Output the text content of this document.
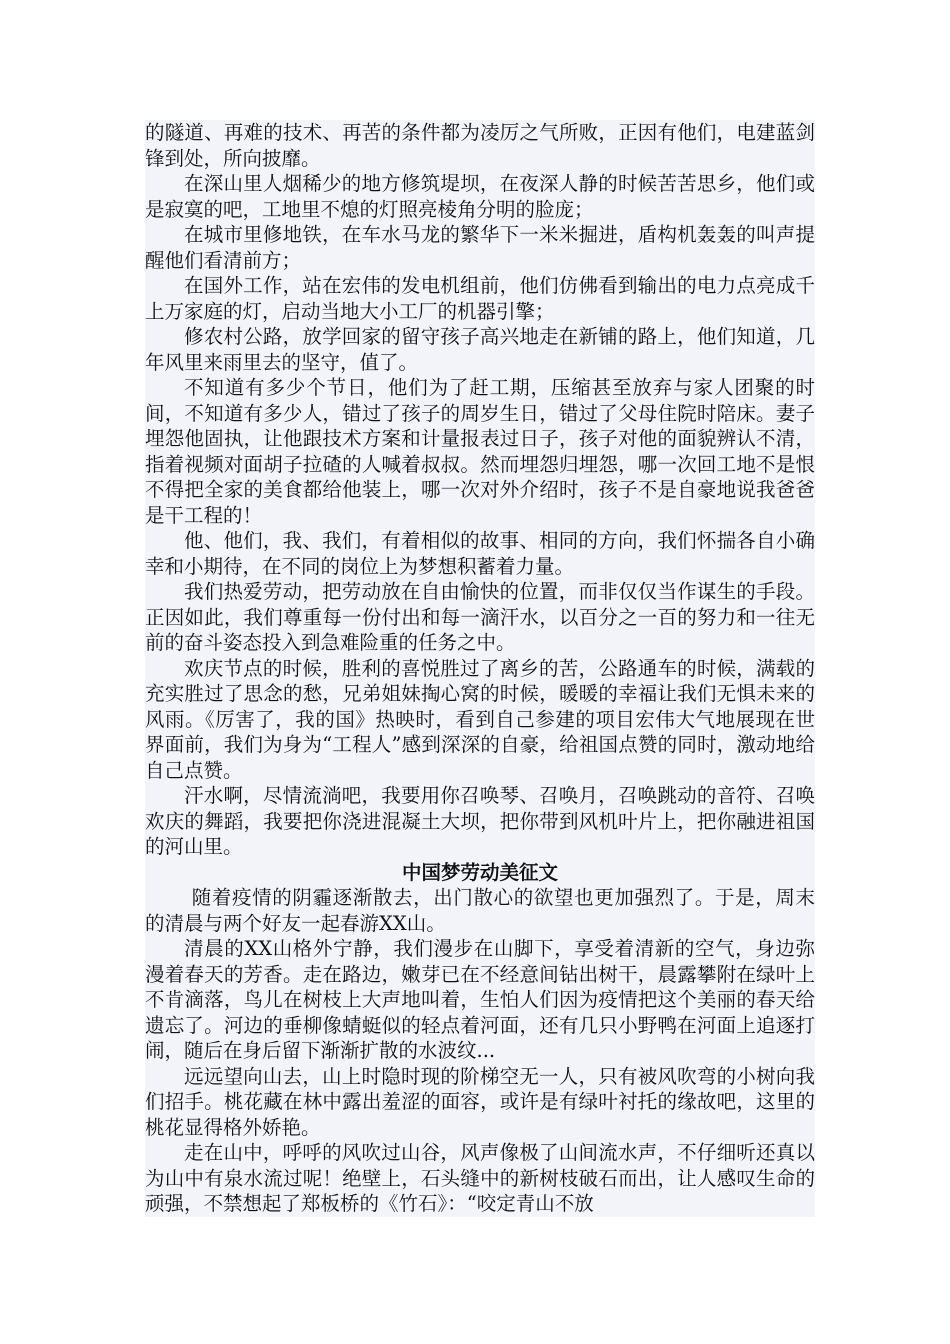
的隧道、再难的技术、再苦的条件都为凌厉之气所败，正因有他们，电建蓝剑锋到处，所向披靡。

在深山里人烟稀少的地方修筑堤坝，在夜深人静的时候苦苦思乡，他们或是寂寞的吧，工地里不熄的灯照亮棱角分明的脸庞；

在城市里修地铁，在车水马龙的繁华下一米米掘进，盾构机轰轰的叫声提醒他们看清前方；

在国外工作，站在宏伟的发电机组前，他们仿佛看到输出的电力点亮成千上万家庭的灯，启动当地大小工厂的机器引擎；

修农村公路，放学回家的留守孩子高兴地走在新铺的路上，他们知道，几年风里来雨里去的坚守，值了。

不知道有多少个节日，他们为了赶工期，压缩甚至放弃与家人团聚的时间，不知道有多少人，错过了孩子的周岁生日，错过了父母住院时陪床。妻子埋怨他固执，让他跟技术方案和计量报表过日子，孩子对他的面貌辨认不清，指着视频对面胡子拉碴的人喊着叔叔。然而埋怨归埋怨，哪一次回工地不是恨不得把全家的美食都给他装上，哪一次对外介绍时，孩子不是自豪地说我爸爸是干工程的！

他、他们，我、我们，有着相似的故事、相同的方向，我们怀揣各自小确幸和小期待，在不同的岗位上为梦想积蓄着力量。

我们热爱劳动，把劳动放在自由愉快的位置，而非仅仅当作谋生的手段。正因如此，我们尊重每一份付出和每一滴汗水，以百分之一百的努力和一往无前的奋斗姿态投入到急难险重的任务之中。

欢庆节点的时候，胜利的喜悦胜过了离乡的苦，公路通车的时候，满载的充实胜过了思念的愁，兄弟姐妹掏心窝的时候，暖暖的幸福让我们无惧未来的风雨。《厉害了，我的国》热映时，看到自己参建的项目宏伟大气地展现在世界面前，我们为身为“工程人”感到深深的自豪，给祖国点赞的同时，激动地给自己点赞。

汗水啊，尽情流淌吧，我要用你召唤琴、召唤月，召唤跳动的音符、召唤欢庆的舞蹈，我要把你浇进混凝土大坝，把你带到风机叶片上，把你融进祖国的河山里。

中国梦劳动美征文

随着疫情的阴霾逐渐散去，出门散心的欲望也更加强烈了。于是，周末的清晨与两个好友一起春游XX山。

清晨的XX山格外宁静，我们漫步在山脚下，享受着清新的空气，身边弥漫着春天的芳香。走在路边，嫩芽已在不经意间钻出树干，晨露攀附在绿叶上不肯滴落，鸟儿在树枝上大声地叫着，生怕人们因为疫情把这个美丽的春天给遗忘了。河边的垂柳像蜻蜓似的轻点着河面，还有几只小野鸭在河面上追逐打闹，随后在身后留下渐渐扩散的水波纹...

远远望向山去，山上时隐时现的阶梯空无一人，只有被风吹弯的小树向我们招手。桃花藏在林中露出羞涩的面容，或许是有绿叶衬托的缘故吧，这里的桃花显得格外娇艳。

走在山中，呼呼的风吹过山谷，风声像极了山间流水声，不仔细听还真以为山中有泉水流过呢！绝壁上，石头缝中的新树枝破石而出，让人感叹生命的顽强，不禁想起了郑板桥的《竹石》：“咬定青山不放
